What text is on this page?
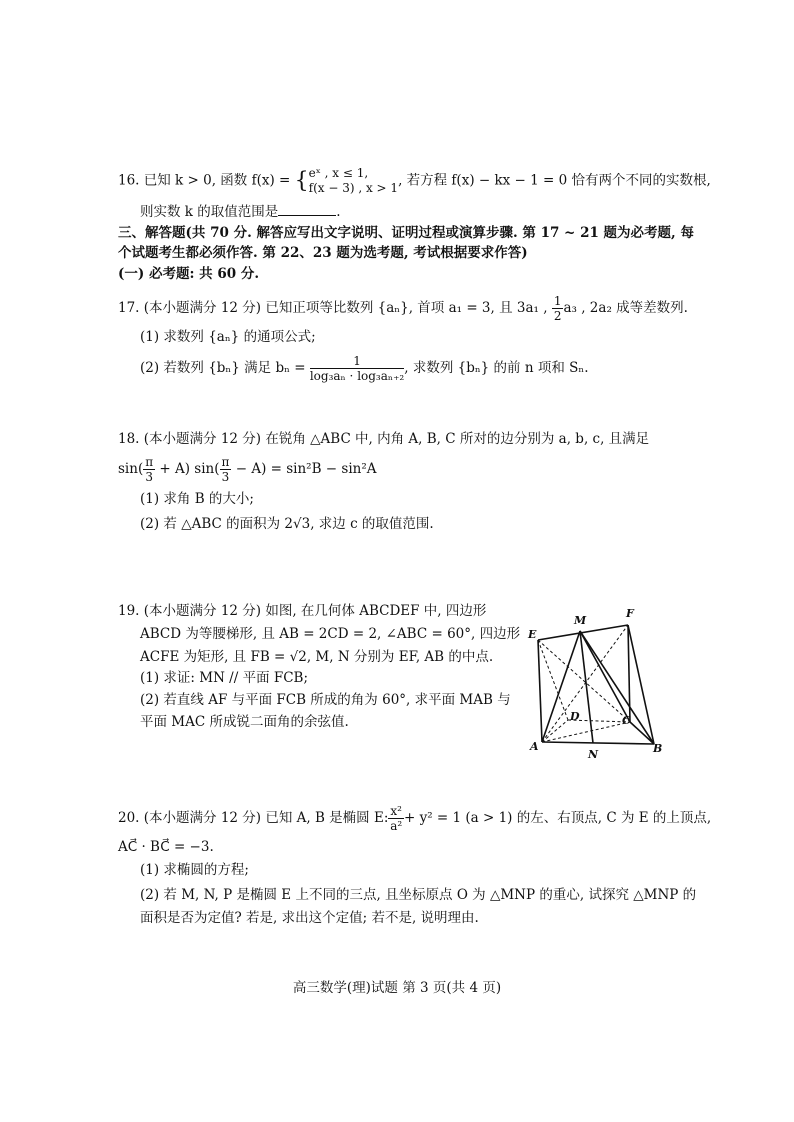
16. 已知 k > 0, 函数 f(x) = { eˣ , x ≤ 1,
f(x − 3) , x > 1 , 若方程 f(x) − kx − 1 = 0 恰有两个不同的实数根,
则实数 k 的取值范围是	.
三、解答题(共 70 分. 解答应写出文字说明、证明过程或演算步骤. 第 17 ~ 21 题为必考题, 每
个试题考生都必须作答. 第 22、23 题为选考题, 考试根据要求作答)
(一) 必考题: 共 60 分.
17. (本小题满分 12 分) 已知正项等比数列 {aₙ}, 首项 a₁ = 3, 且 3a₁ , $\frac{1}{2} a_3$ , 2a₂ 成等差数列.
(1) 求数列 {aₙ} 的通项公式;
(2) 若数列 {bₙ} 满足 $b_n = \frac{1}{\text{log₃aₙ · log₃aₙ₊₂}}$ , 求数列 {bₙ} 的前 n 项和 Sₙ.
18. (本小题满分 12 分) 在锐角 △ABC 中, 内角 A, B, C 所对的边分别为 a, b, c, 且满足
$\sin( \frac{\pi}{3} + A)$ $\sin( \frac{\pi}{3} - A) = \sin^2B - \sin^2A$
(1) 求角 B 的大小;
(2) 若 △ABC 的面积为 2√3, 求边 c 的取值范围.
19. (本小题满分 12 分) 如图, 在几何体 ABCDEF 中, 四边形
ABCD 为等腰梯形, 且 AB = 2CD = 2, ∠ABC = 60°, 四边形
ACFE 为矩形, 且 FB = √2, M, N 分别为 EF, AB 的中点.
(1) 求证: MN // 平面 FCB;
(2) 若直线 AF 与平面 FCB 所成的角为 60°, 求平面 MAB 与
平面 MAC 所成锐二面角的余弦值.
M
F
E
D	C
A
N	B
20. (本小题满分 12 分) 已知 A, B 是椭圆 E: $\frac{\text{x²}}{\text{a²}} + y^2 = 1$ (a > 1) 的左、右顶点, C 为 E 的上顶点,
AC⃗ · BC⃗ = −3.
(1) 求椭圆的方程;
(2) 若 M, N, P 是椭圆 E 上不同的三点, 且坐标原点 O 为 △MNP 的重心, 试探究 △MNP 的
面积是否为定值? 若是, 求出这个定值; 若不是, 说明理由.
高三数学(理)试题 第 3 页(共 4 页)
